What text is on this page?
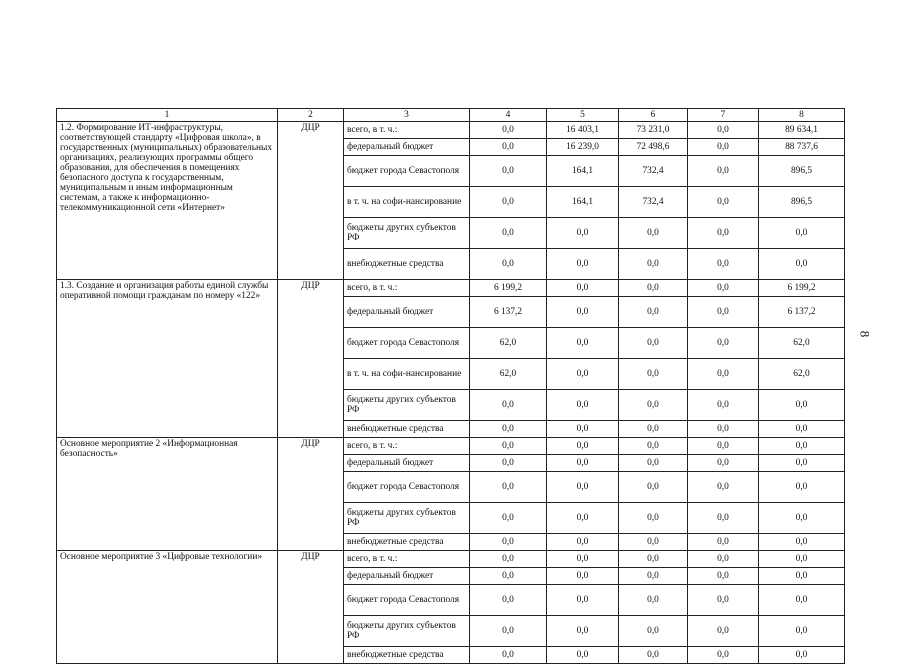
1	2	3	4	5	6	7	8
1.2. Формирование ИТ-инфраструктуры, соответствующей стандарту «Цифровая школа», в государственных (муниципальных) образовательных организациях, реализующих программы общего образования, для обеспечения в помещениях безопасного доступа к государственным, муниципальным и иным информационным системам, а также к информационно-телекоммуникационной сети «Интернет»	ДЦР	всего, в т. ч.:	0,0	16 403,1	73 231,0	0,0	89 634,1
		федеральный бюджет	0,0	16 239,0	72 498,6	0,0	88 737,6
		бюджет города Севастополя	0,0	164,1	732,4	0,0	896,5
		в т. ч. на софи-нансирование	0,0	164,1	732,4	0,0	896,5
		бюджеты других субъектов РФ	0,0	0,0	0,0	0,0	0,0
		внебюджетные средства	0,0	0,0	0,0	0,0	0,0
1.3. Создание и организация работы единой службы оперативной помощи гражданам по номеру «122»	ДЦР	всего, в т. ч.:	6 199,2	0,0	0,0	0,0	6 199,2
		федеральный бюджет	6 137,2	0,0	0,0	0,0	6 137,2
		бюджет города Севастополя	62,0	0,0	0,0	0,0	62,0
		в т. ч. на софи-нансирование	62,0	0,0	0,0	0,0	62,0
		бюджеты других субъектов РФ	0,0	0,0	0,0	0,0	0,0
		внебюджетные средства	0,0	0,0	0,0	0,0	0,0
Основное мероприятие 2 «Информационная безопасность»	ДЦР	всего, в т. ч.:	0,0	0,0	0,0	0,0	0,0
		федеральный бюджет	0,0	0,0	0,0	0,0	0,0
		бюджет города Севастополя	0,0	0,0	0,0	0,0	0,0
		бюджеты других субъектов РФ	0,0	0,0	0,0	0,0	0,0
		внебюджетные средства	0,0	0,0	0,0	0,0	0,0
Основное мероприятие 3 «Цифровые технологии»	ДЦР	всего, в т. ч.:	0,0	0,0	0,0	0,0	0,0
		федеральный бюджет	0,0	0,0	0,0	0,0	0,0
		бюджет города Севастополя	0,0	0,0	0,0	0,0	0,0
		бюджеты других субъектов РФ	0,0	0,0	0,0	0,0	0,0
		внебюджетные средства	0,0	0,0	0,0	0,0	0,0
8
